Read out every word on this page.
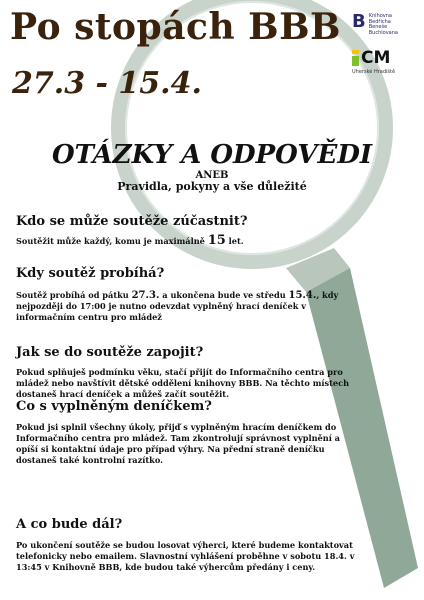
Po stopách BBB
27.3 - 15.4.
B Knihovna
Bedřicha
Beneše
Buchlovana
CM
Uherské Hradiště
OTÁZKY A ODPOVĚDI
ANEB
Pravidla, pokyny a vše důležité
Kdo se může soutěže zúčastnit?
Soutěžit může každý, komu je maximálně 15 let.
Kdy soutěž probíhá?
Soutěž probíhá od pátku 27.3. a ukončena bude ve středu 15.4., kdy nejpozději do 17:00 je nutno odevzdat vyplněný hrací deníček v informačním centru pro mládež
Jak se do soutěže zapojit?
Pokud splňuješ podmínku věku, stačí přijít do Informačního centra pro mládež nebo navštívit dětské oddělení knihovny BBB. Na těchto místech dostaneš hrací deníček a můžeš začít soutěžit.
Co s vyplněným deníčkem?
Pokud jsi splnil všechny úkoly, přijď s vyplněným hracím deníčkem do Informačního centra pro mládež. Tam zkontrolují správnost vyplnění a opíší si kontaktní údaje pro případ výhry. Na přední straně deníčku dostaneš také kontrolní razítko.
A co bude dál?
Po ukončení soutěže se budou losovat výherci, které budeme kontaktovat telefonicky nebo emailem. Slavnostní vyhlášení proběhne v sobotu 18.4. v 13:45 v Knihovně BBB, kde budou také výhercům předány i ceny.
